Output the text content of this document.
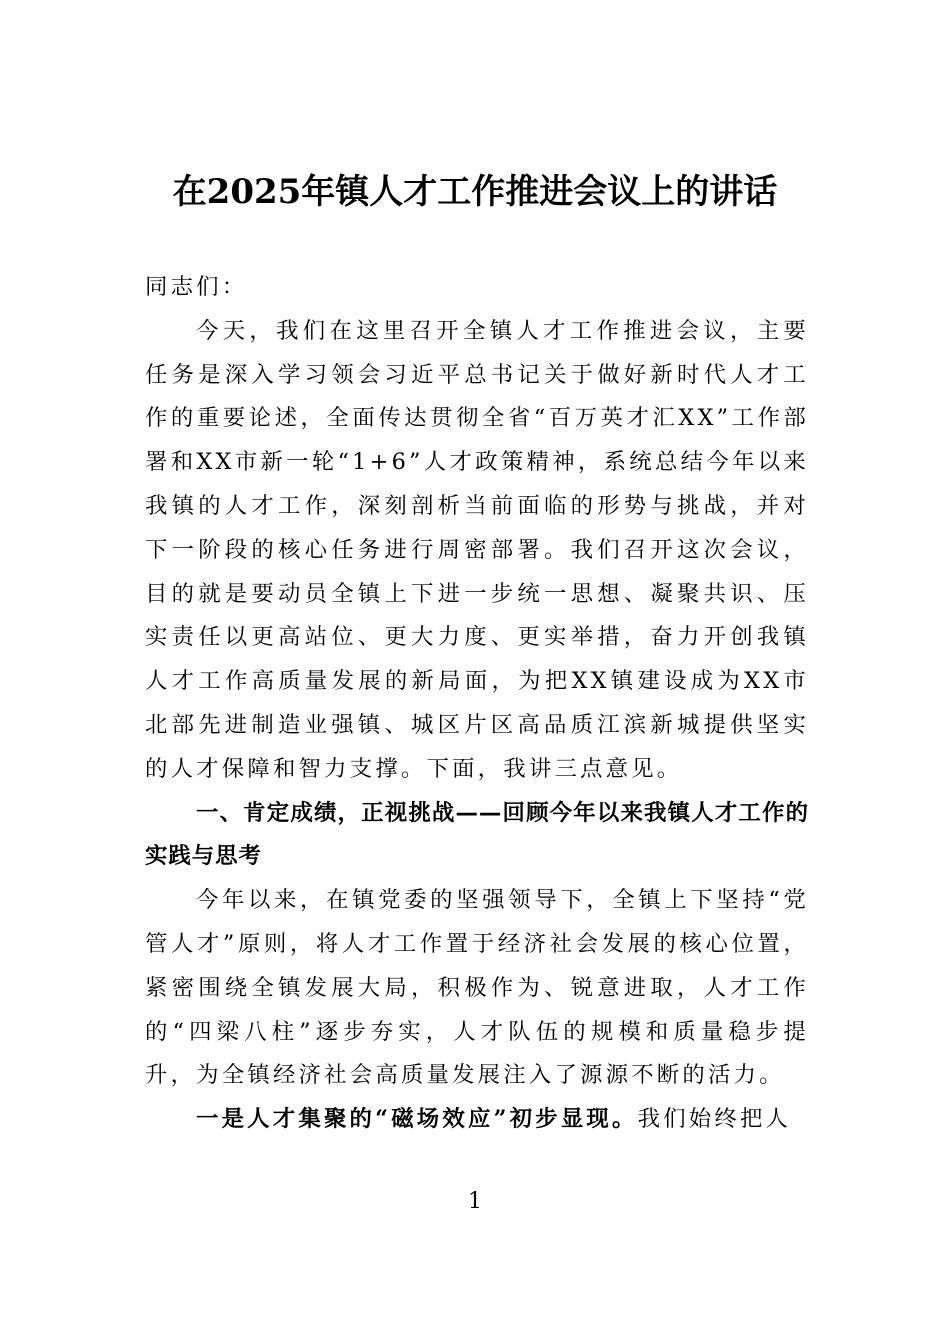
在2025年镇人才工作推进会议上的讲话

同志们：

今天，我们在这里召开全镇人才工作推进会议，主要任务是深入学习领会习近平总书记关于做好新时代人才工作的重要论述，全面传达贯彻全省“百万英才汇XX”工作部署和XX市新一轮“1+6”人才政策精神，系统总结今年以来我镇的人才工作，深刻剖析当前面临的形势与挑战，并对下一阶段的核心任务进行周密部署。我们召开这次会议，目的就是要动员全镇上下进一步统一思想、凝聚共识、压实责任以更高站位、更大力度、更实举措，奋力开创我镇人才工作高质量发展的新局面，为把XX镇建设成为XX市北部先进制造业强镇、城区片区高品质江滨新城提供坚实的人才保障和智力支撑。下面，我讲三点意见。

一、肯定成绩，正视挑战——回顾今年以来我镇人才工作的实践与思考

今年以来，在镇党委的坚强领导下，全镇上下坚持“党管人才”原则，将人才工作置于经济社会发展的核心位置，紧密围绕全镇发展大局，积极作为、锐意进取，人才工作的“四梁八柱”逐步夯实，人才队伍的规模和质量稳步提升，为全镇经济社会高质量发展注入了源源不断的活力。

一是人才集聚的“磁场效应”初步显现。我们始终把人

1
